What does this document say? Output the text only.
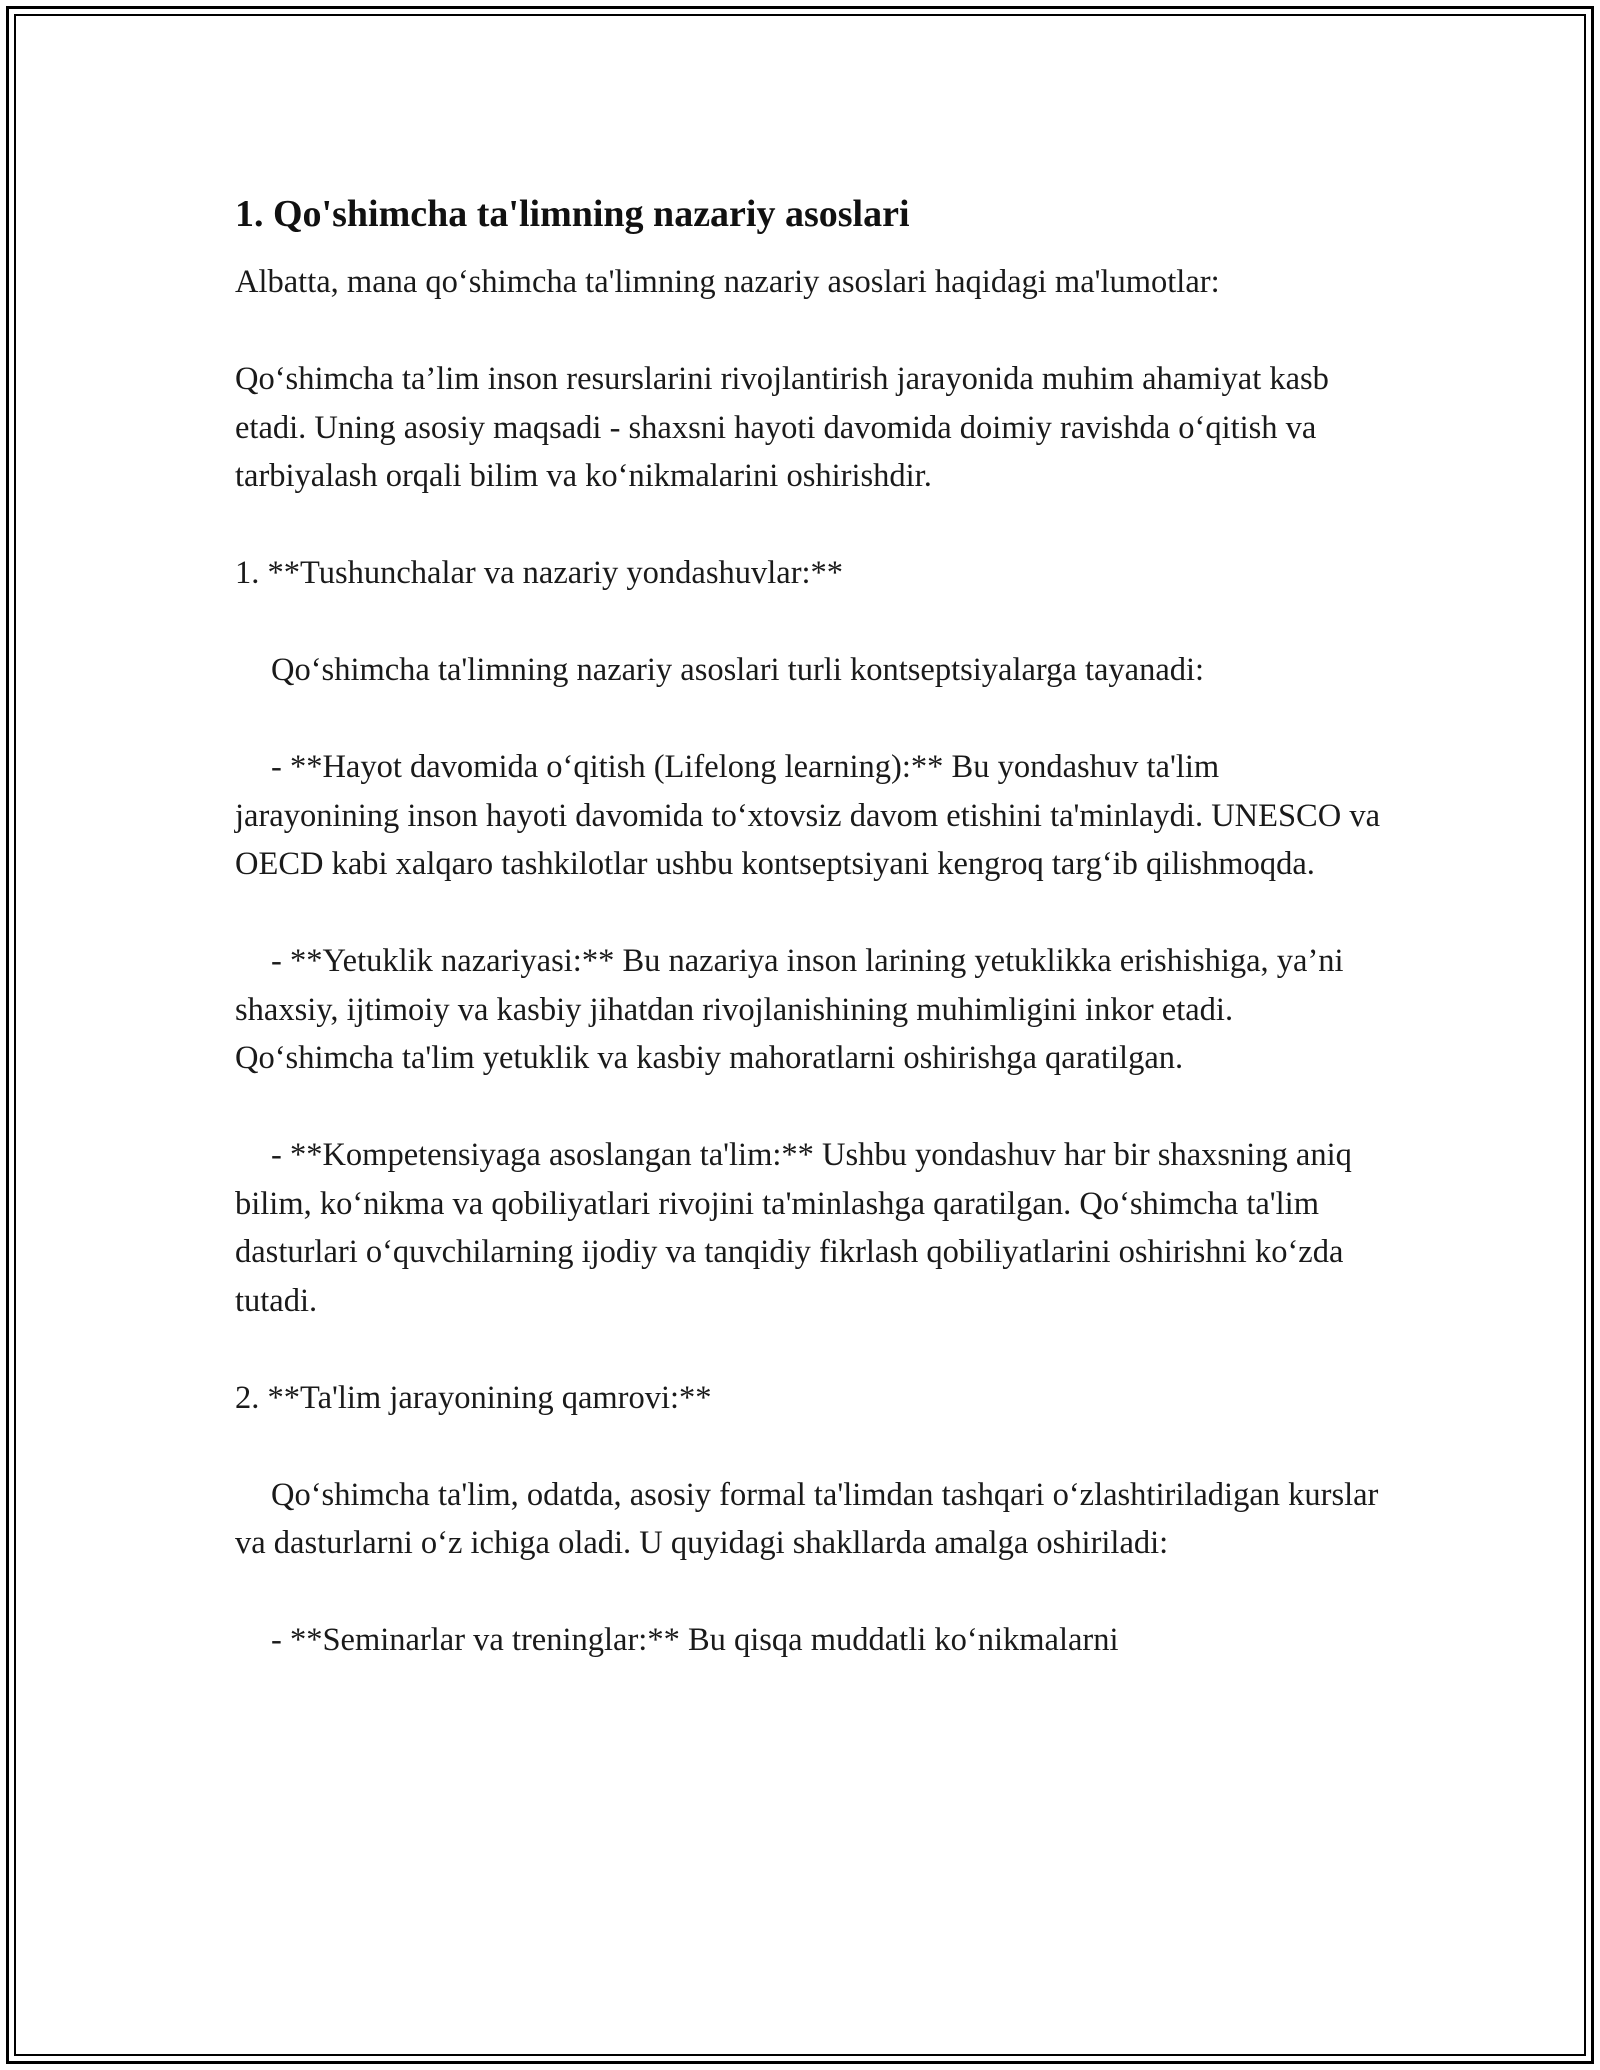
1. Qo'shimcha ta'limning nazariy asoslari

Albatta, mana qo‘shimcha ta'limning nazariy asoslari haqidagi ma'lumotlar:

Qo‘shimcha ta’lim inson resurslarini rivojlantirish jarayonida muhim ahamiyat kasb etadi. Uning asosiy maqsadi - shaxsni hayoti davomida doimiy ravishda o‘qitish va tarbiyalash orqali bilim va ko‘nikmalarini oshirishdir.

1. **Tushunchalar va nazariy yondashuvlar:**

Qo‘shimcha ta'limning nazariy asoslari turli kontseptsiyalarga tayanadi:

- **Hayot davomida o‘qitish (Lifelong learning):** Bu yondashuv ta'lim jarayonining inson hayoti davomida to‘xtovsiz davom etishini ta'minlaydi. UNESCO va OECD kabi xalqaro tashkilotlar ushbu kontseptsiyani kengroq targ‘ib qilishmoqda.

- **Yetuklik nazariyasi:** Bu nazariya inson larining yetuklikka erishishiga, ya’ni shaxsiy, ijtimoiy va kasbiy jihatdan rivojlanishining muhimligini inkor etadi. Qo‘shimcha ta'lim yetuklik va kasbiy mahoratlarni oshirishga qaratilgan.

- **Kompetensiyaga asoslangan ta'lim:** Ushbu yondashuv har bir shaxsning aniq bilim, ko‘nikma va qobiliyatlari rivojini ta'minlashga qaratilgan. Qo‘shimcha ta'lim dasturlari o‘quvchilarning ijodiy va tanqidiy fikrlash qobiliyatlarini oshirishni ko‘zda tutadi.

2. **Ta'lim jarayonining qamrovi:**

Qo‘shimcha ta'lim, odatda, asosiy formal ta'limdan tashqari o‘zlashtiriladigan kurslar va dasturlarni o‘z ichiga oladi. U quyidagi shakllarda amalga oshiriladi:

- **Seminarlar va treninglar:** Bu qisqa muddatli ko‘nikmalarni
